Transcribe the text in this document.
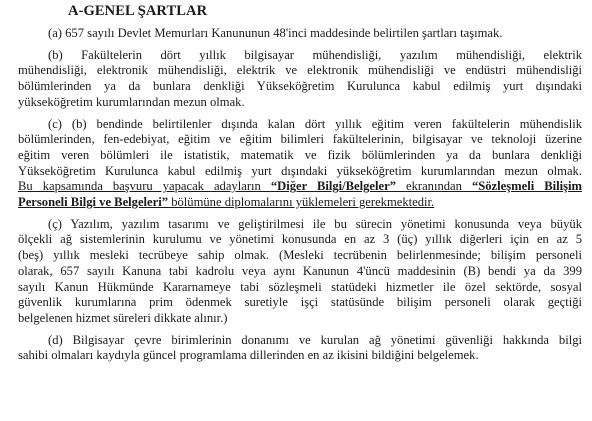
A-GENEL ŞARTLAR
(a) 657 sayılı Devlet Memurları Kanununun 48'inci maddesinde belirtilen şartları taşımak.
(b) Fakültelerin dört yıllık bilgisayar mühendisliği, yazılım mühendisliği, elektrik
mühendisliği, elektronik mühendisliği, elektrik ve elektronik mühendisliği ve endüstri mühendisliği
bölümlerinden ya da bunlara denkliği Yükseköğretim Kurulunca kabul edilmiş yurt dışındaki
yükseköğretim kurumlarından mezun olmak.
(c) (b) bendinde belirtilenler dışında kalan dört yıllık eğitim veren fakültelerin mühendislik
bölümlerinden, fen-edebiyat, eğitim ve eğitim bilimleri fakültelerinin, bilgisayar ve teknoloji üzerine
eğitim veren bölümleri ile istatistik, matematik ve fizik bölümlerinden ya da bunlara denkliği
Yükseköğretim Kurulunca kabul edilmiş yurt dışındaki yükseköğretim kurumlarından mezun olmak.
Bu kapsamında başvuru yapacak adayların “Diğer Bilgi/Belgeler” ekranından “Sözleşmeli Bilişim
Personeli Bilgi ve Belgeleri” bölümüne diplomalarını yüklemeleri gerekmektedir.
(ç) Yazılım, yazılım tasarımı ve geliştirilmesi ile bu sürecin yönetimi konusunda veya büyük
ölçekli ağ sistemlerinin kurulumu ve yönetimi konusunda en az 3 (üç) yıllık diğerleri için en az 5
(beş) yıllık mesleki tecrübeye sahip olmak. (Mesleki tecrübenin belirlenmesinde; bilişim personeli
olarak, 657 sayılı Kanuna tabi kadrolu veya aynı Kanunun 4'üncü maddesinin (B) bendi ya da 399
sayılı Kanun Hükmünde Kararnameye tabi sözleşmeli statüdeki hizmetler ile özel sektörde, sosyal
güvenlik kurumlarına prim ödenmek suretiyle işçi statüsünde bilişim personeli olarak geçtiği
belgelenen hizmet süreleri dikkate alınır.)
(d) Bilgisayar çevre birimlerinin donanımı ve kurulan ağ yönetimi güvenliği hakkında bilgi
sahibi olmaları kaydıyla güncel programlama dillerinden en az ikisini bildiğini belgelemek.
